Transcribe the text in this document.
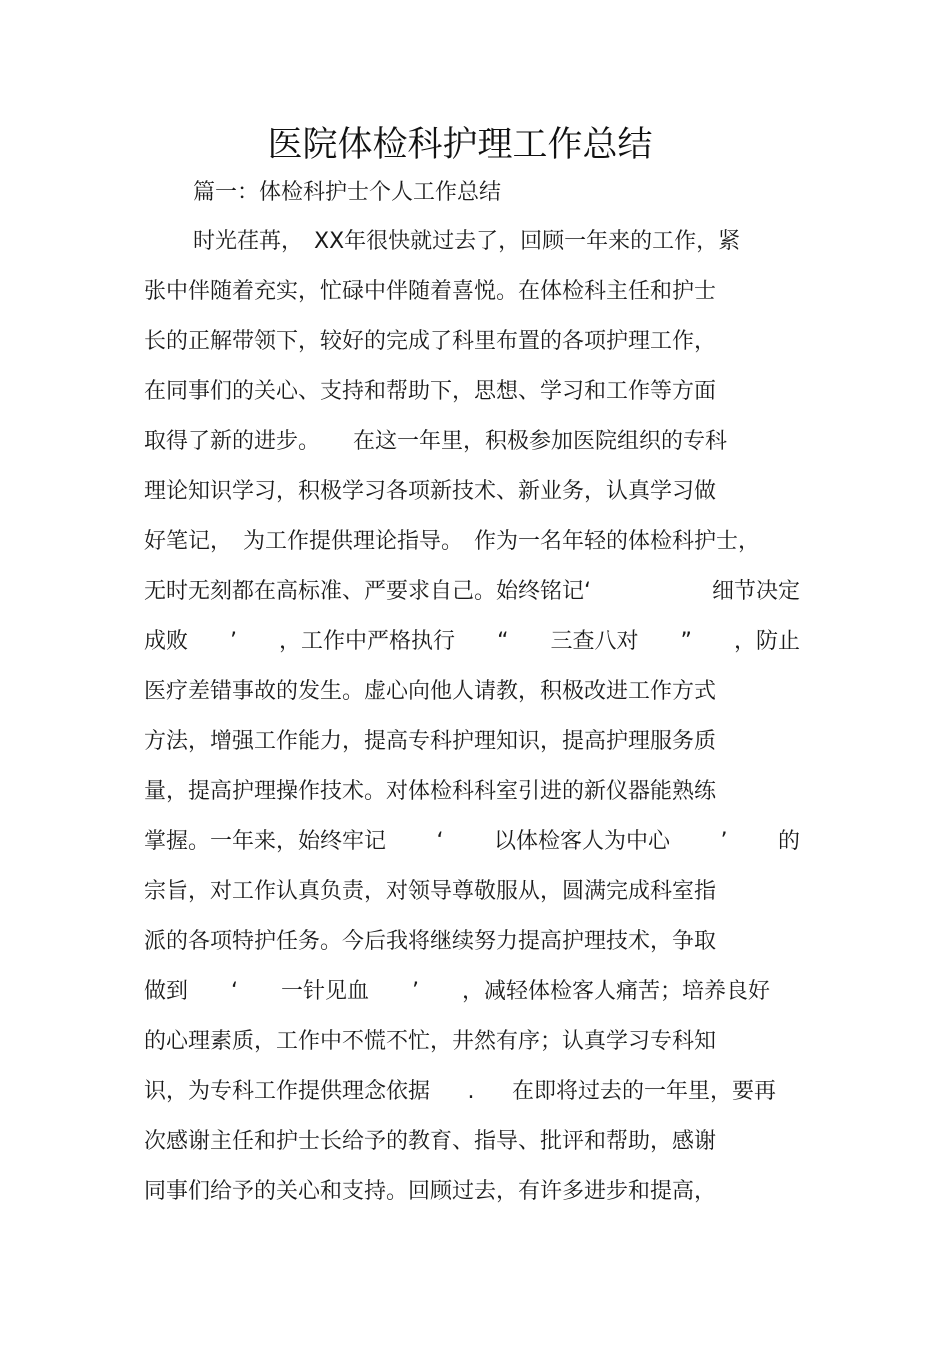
医院体检科护理工作总结
篇一：体检科护士个人工作总结
时光荏苒，　XX年很快就过去了，回顾一年来的工作，紧
张中伴随着充实，忙碌中伴随着喜悦。在体检科主任和护士
长的正解带领下，较好的完成了科里布置的各项护理工作，
在同事们的关心、支持和帮助下，思想、学习和工作等方面
取得了新的进步。　　在这一年里，积极参加医院组织的专科
理论知识学习，积极学习各项新技术、新业务，认真学习做
好笔记，　为工作提供理论指导。　作为一名年轻的体检科护士，
无时无刻都在高标准、严要求自己。始终铭记‘	细节决定
成败 ’ ，工作中严格执行 “ 三查八对 ” ，防止
医疗差错事故的发生。虚心向他人请教，积极改进工作方式
方法，增强工作能力，提高专科护理知识，提高护理服务质
量，提高护理操作技术。对体检科科室引进的新仪器能熟练
掌握。一年来，始终牢记 ‘ 以体检客人为中心 ’ 的
宗旨，对工作认真负责，对领导尊敬服从，圆满完成科室指
派的各项特护任务。今后我将继续努力提高护理技术，争取
做到 ‘ 一针见血 ’ ，减轻体检客人痛苦；培养良好
的心理素质，工作中不慌不忙，井然有序；认真学习专科知
识，为专科工作提供理念依据 . 在即将过去的一年里，要再
次感谢主任和护士长给予的教育、指导、批评和帮助，感谢
同事们给予的关心和支持。回顾过去，有许多进步和提高，
